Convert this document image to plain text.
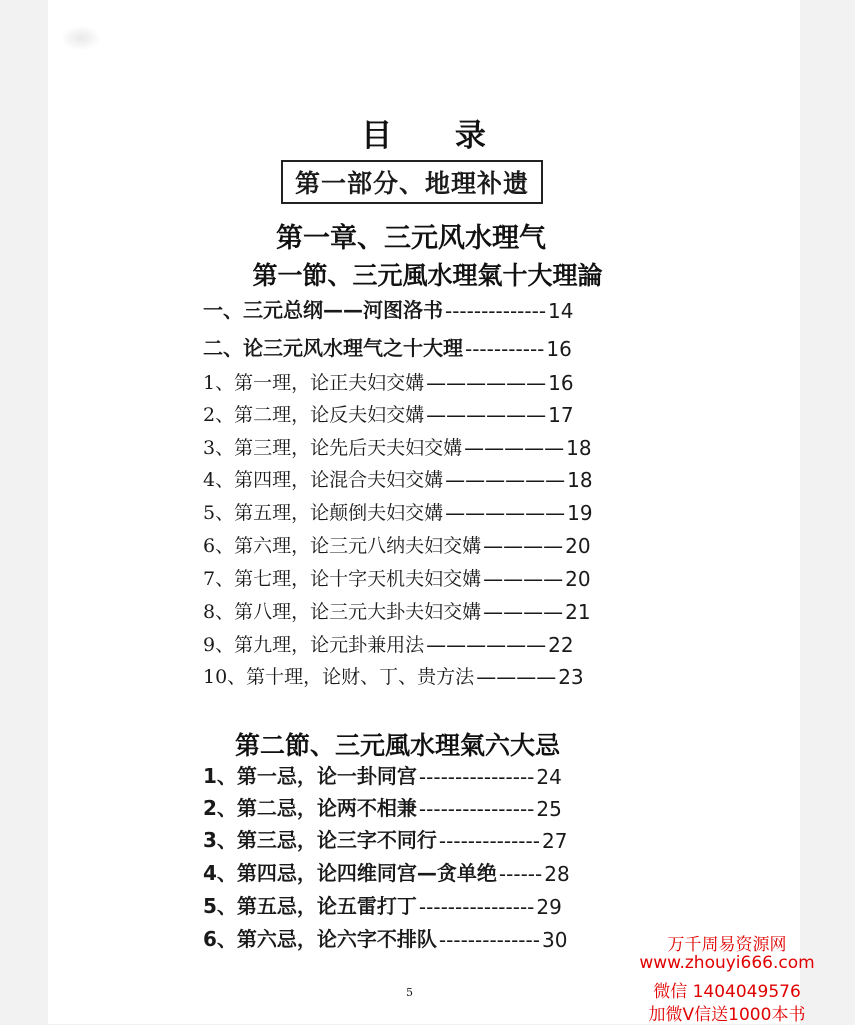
目 录
第一部分、地理补遗
第一章、三元风水理气
第一節、三元風水理氣十大理論
一、三元总纲——河图洛书 -------------- 14
二、论三元风水理气之十大理 ----------- 16
1、第一理，论正夫妇交媾 —————— 16
2、第二理，论反夫妇交媾 —————— 17
3、第三理，论先后天夫妇交媾 ————— 18
4、第四理，论混合夫妇交媾 —————— 18
5、第五理，论颠倒夫妇交媾 —————— 19
6、第六理，论三元八纳夫妇交媾 ———— 20
7、第七理，论十字天机夫妇交媾 ———— 20
8、第八理，论三元大卦夫妇交媾 ———— 21
9、第九理，论元卦兼用法 —————— 22
10、第十理，论财、丁、贵方法 ———— 23
第二節、三元風水理氣六大忌
1、第一忌，论一卦同宫 ---------------- 24
2、第二忌，论两不相兼 ---------------- 25
3、第三忌，论三字不同行 -------------- 27
4、第四忌，论四维同宫—贪单绝 ------ 28
5、第五忌，论五雷打丁 ---------------- 29
6、第六忌，论六字不排队 -------------- 30
5
万千周易资源网
www.zhouyi666.com
微信 1404049576
加微V信送1000本书
